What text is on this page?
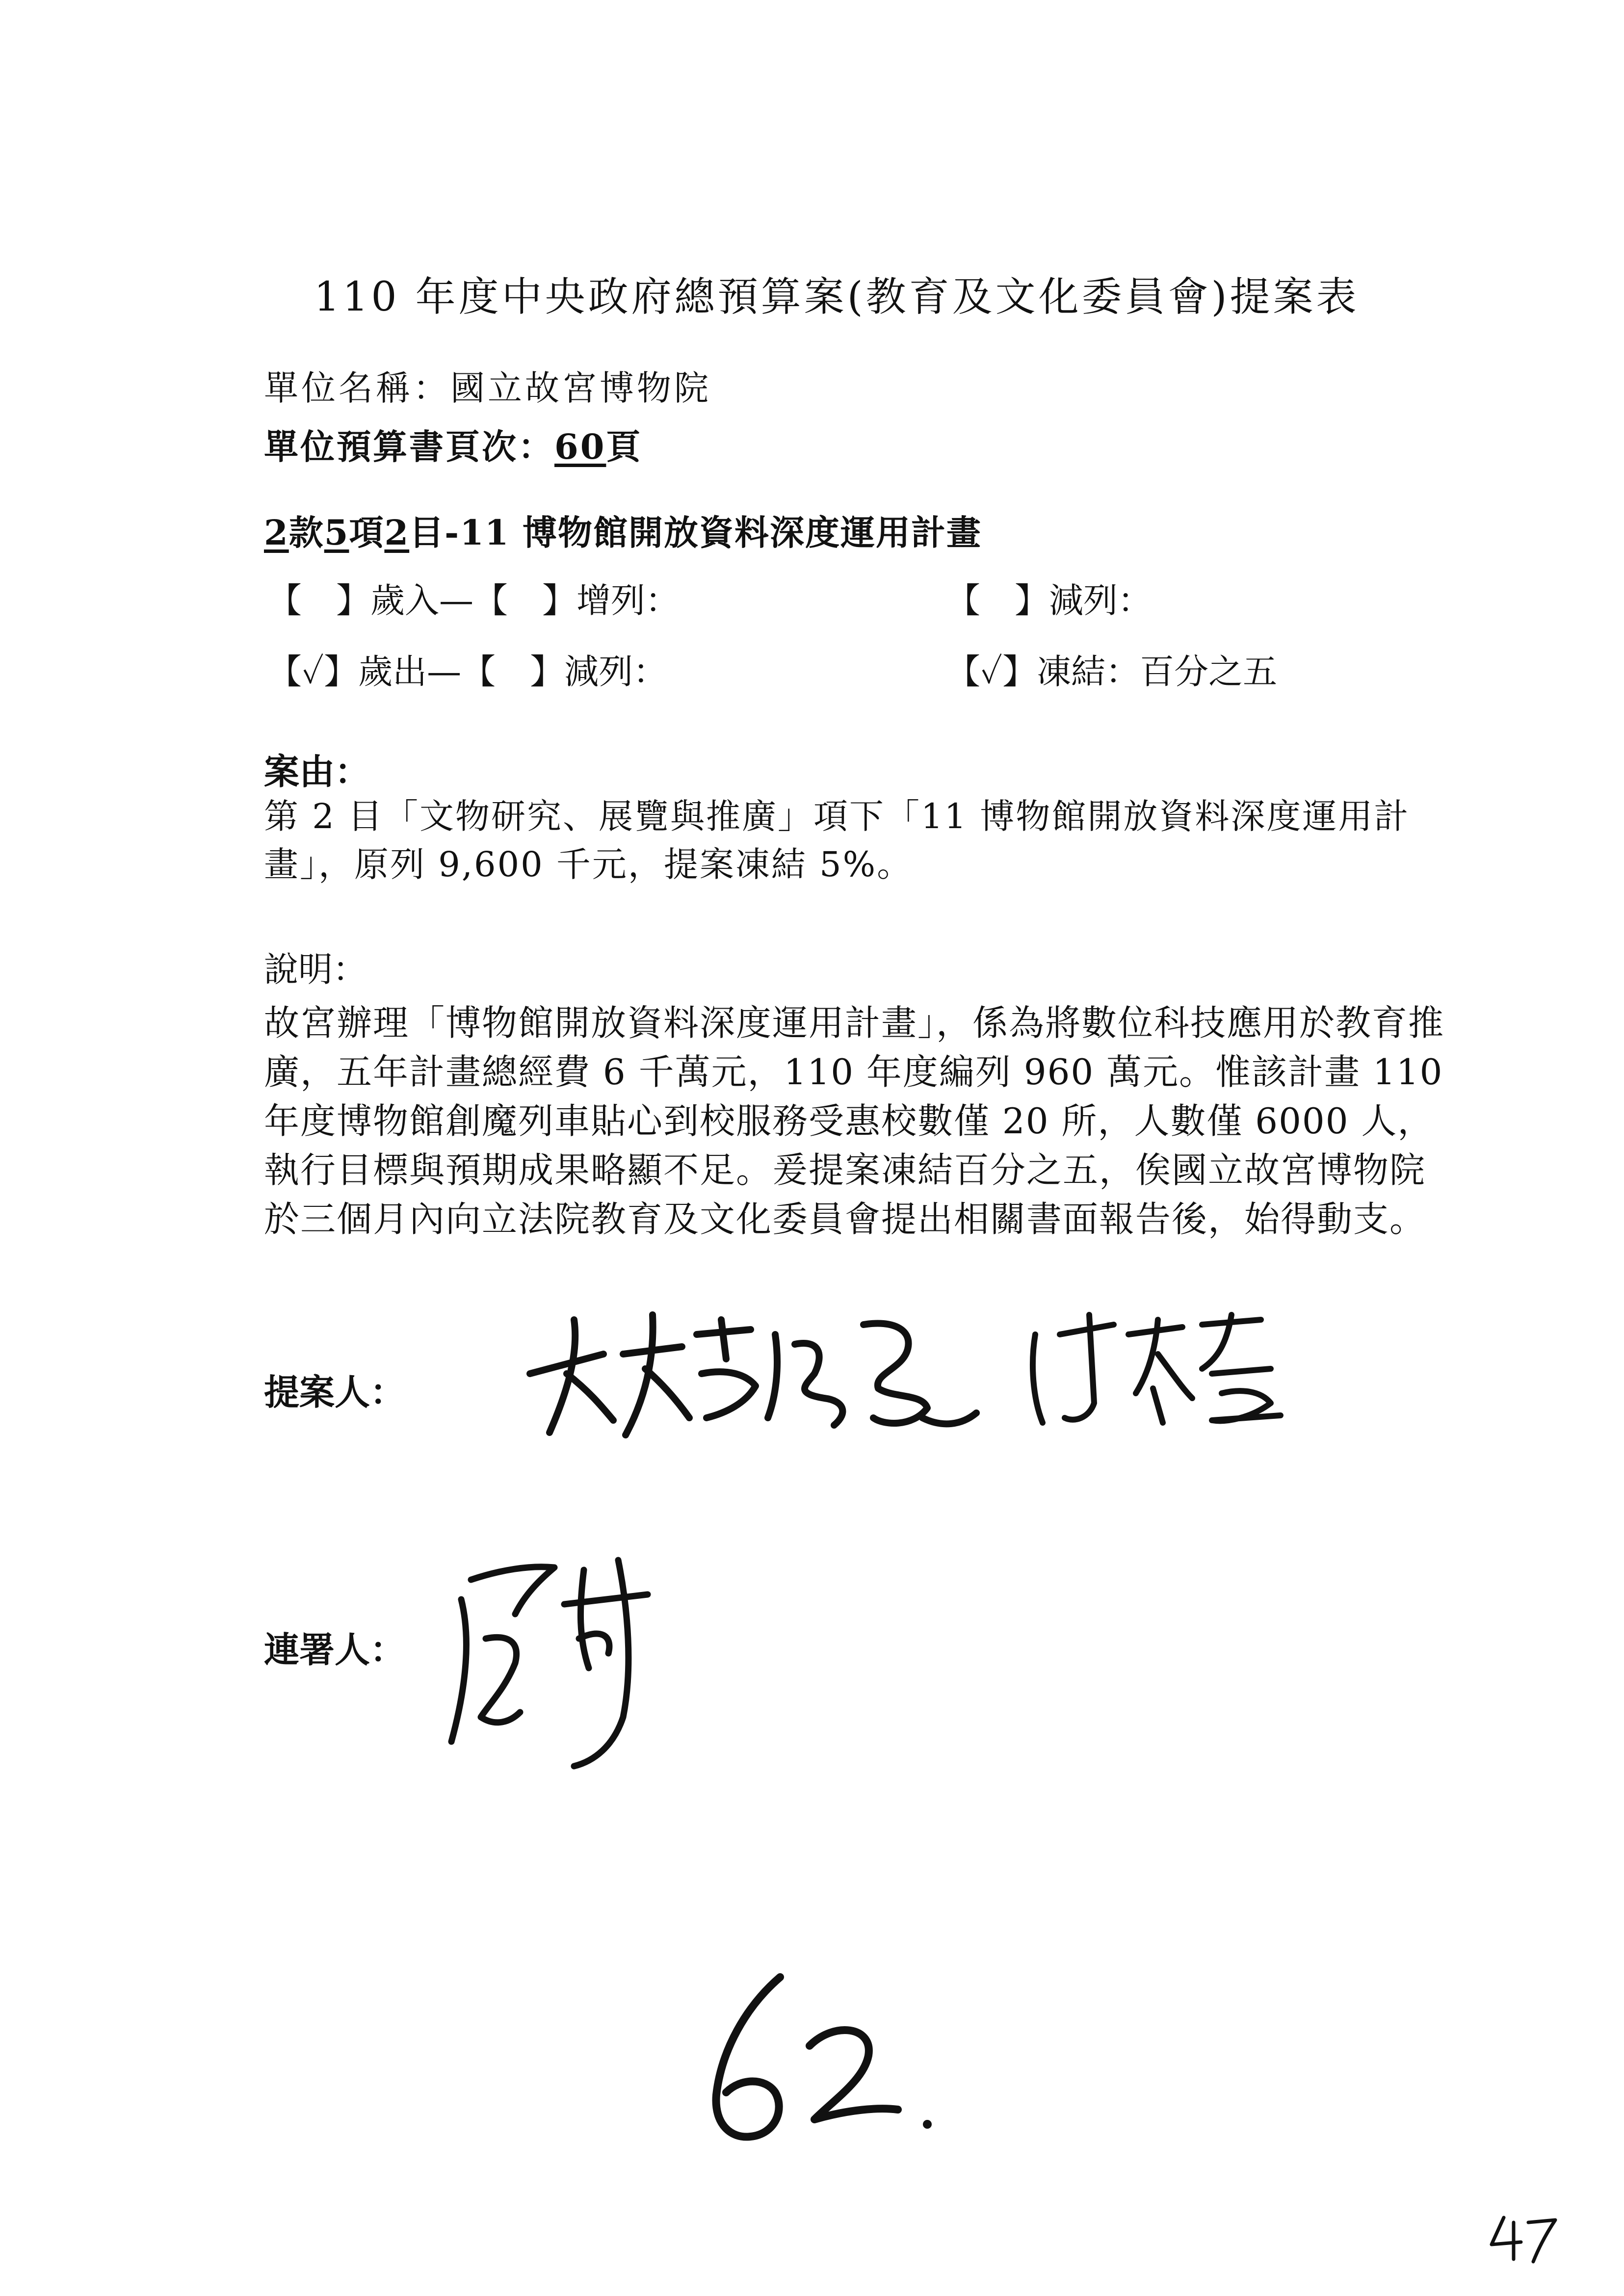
110 年度中央政府總預算案(教育及文化委員會)提案表
單位名稱：國立故宮博物院
單位預算書頁次：60頁
2款5項2目-11 博物館開放資料深度運用計畫
【　】歲入—【　】增列：	【　】減列：
【✓】歲出—【　】減列：	【✓】凍結：百分之五
案由：
第 2 目「文物研究、展覽與推廣」項下「11 博物館開放資料深度運用計畫」，原列 9,600 千元，提案凍結 5%。
說明：
故宮辦理「博物館開放資料深度運用計畫」，係為將數位科技應用於教育推廣，五年計畫總經費 6 千萬元，110 年度編列 960 萬元。惟該計畫 110 年度博物館創魔列車貼心到校服務受惠校數僅 20 所，人數僅 6000 人，執行目標與預期成果略顯不足。爰提案凍結百分之五，俟國立故宮博物院於三個月內向立法院教育及文化委員會提出相關書面報告後，始得動支。
提案人：
連署人：
